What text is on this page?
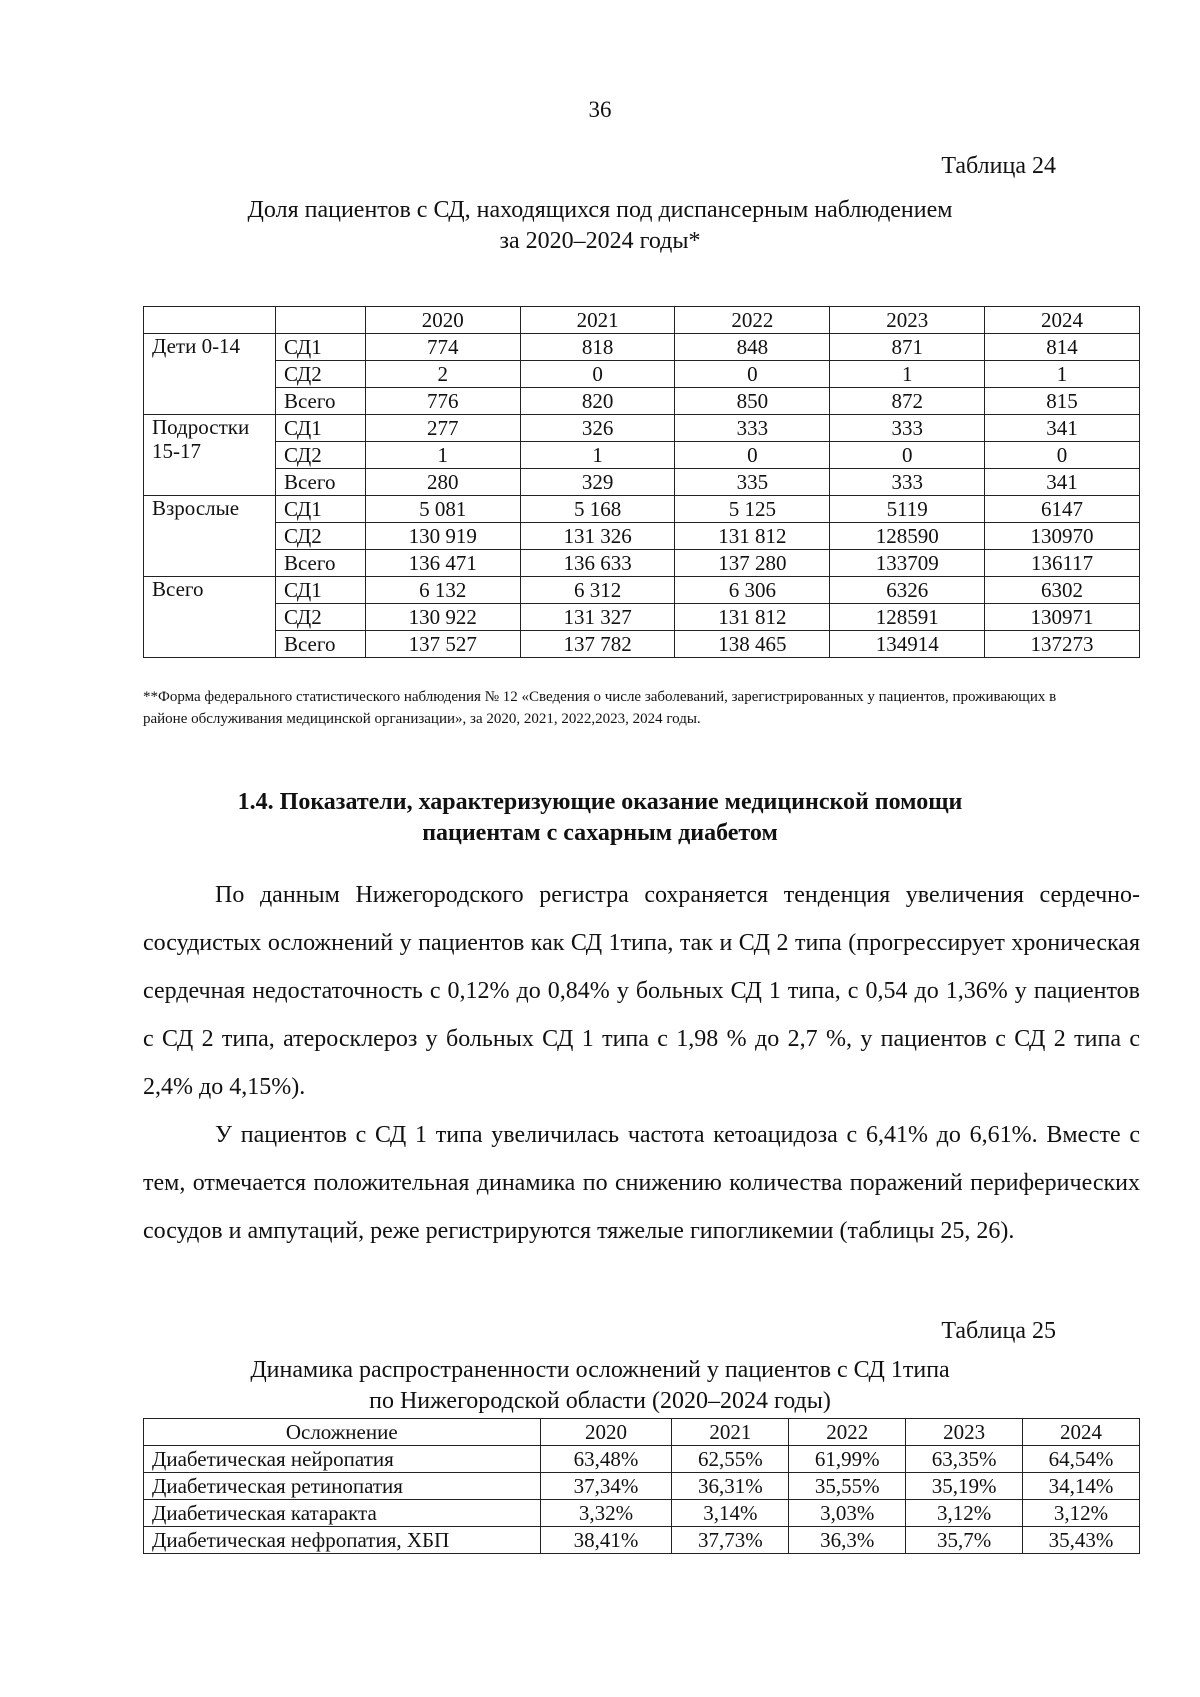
36
Таблица 24
Доля пациентов с СД, находящихся под диспансерным наблюдением
за 2020–2024 годы*
		2020	2021	2022	2023	2024
Дети 0-14	СД1	774	818	848	871	814
	СД2	2	0	0	1	1
	Всего	776	820	850	872	815
Подростки 15-17	СД1	277	326	333	333	341
	СД2	1	1	0	0	0
	Всего	280	329	335	333	341
Взрослые	СД1	5 081	5 168	5 125	5119	6147
	СД2	130 919	131 326	131 812	128590	130970
	Всего	136 471	136 633	137 280	133709	136117
Всего	СД1	6 132	6 312	6 306	6326	6302
	СД2	130 922	131 327	131 812	128591	130971
	Всего	137 527	137 782	138 465	134914	137273
**Форма федерального статистического наблюдения № 12 «Сведения о числе заболеваний, зарегистрированных у пациентов, проживающих в районе обслуживания медицинской организации», за 2020, 2021, 2022,2023, 2024 годы.
1.4. Показатели, характеризующие оказание медицинской помощи
пациентам с сахарным диабетом

По данным Нижегородского регистра сохраняется тенденция увеличения сердечно-сосудистых осложнений у пациентов как СД 1типа, так и СД 2 типа (прогрессирует хроническая сердечная недостаточность с 0,12% до 0,84% у больных СД 1 типа, с 0,54 до 1,36% у пациентов с СД 2 типа, атеросклероз у больных СД 1 типа с 1,98 % до 2,7 %, у пациентов с СД 2 типа с 2,4% до 4,15%).

У пациентов с СД 1 типа увеличилась частота кетоацидоза с 6,41% до 6,61%. Вместе с тем, отмечается положительная динамика по снижению количества поражений периферических сосудов и ампутаций, реже регистрируются тяжелые гипогликемии (таблицы 25, 26).

Таблица 25
Динамика распространенности осложнений у пациентов с СД 1типа
по Нижегородской области (2020–2024 годы)
Осложнение	2020	2021	2022	2023	2024
Диабетическая нейропатия	63,48%	62,55%	61,99%	63,35%	64,54%
Диабетическая ретинопатия	37,34%	36,31%	35,55%	35,19%	34,14%
Диабетическая катаракта	3,32%	3,14%	3,03%	3,12%	3,12%
Диабетическая нефропатия, ХБП	38,41%	37,73%	36,3%	35,7%	35,43%
